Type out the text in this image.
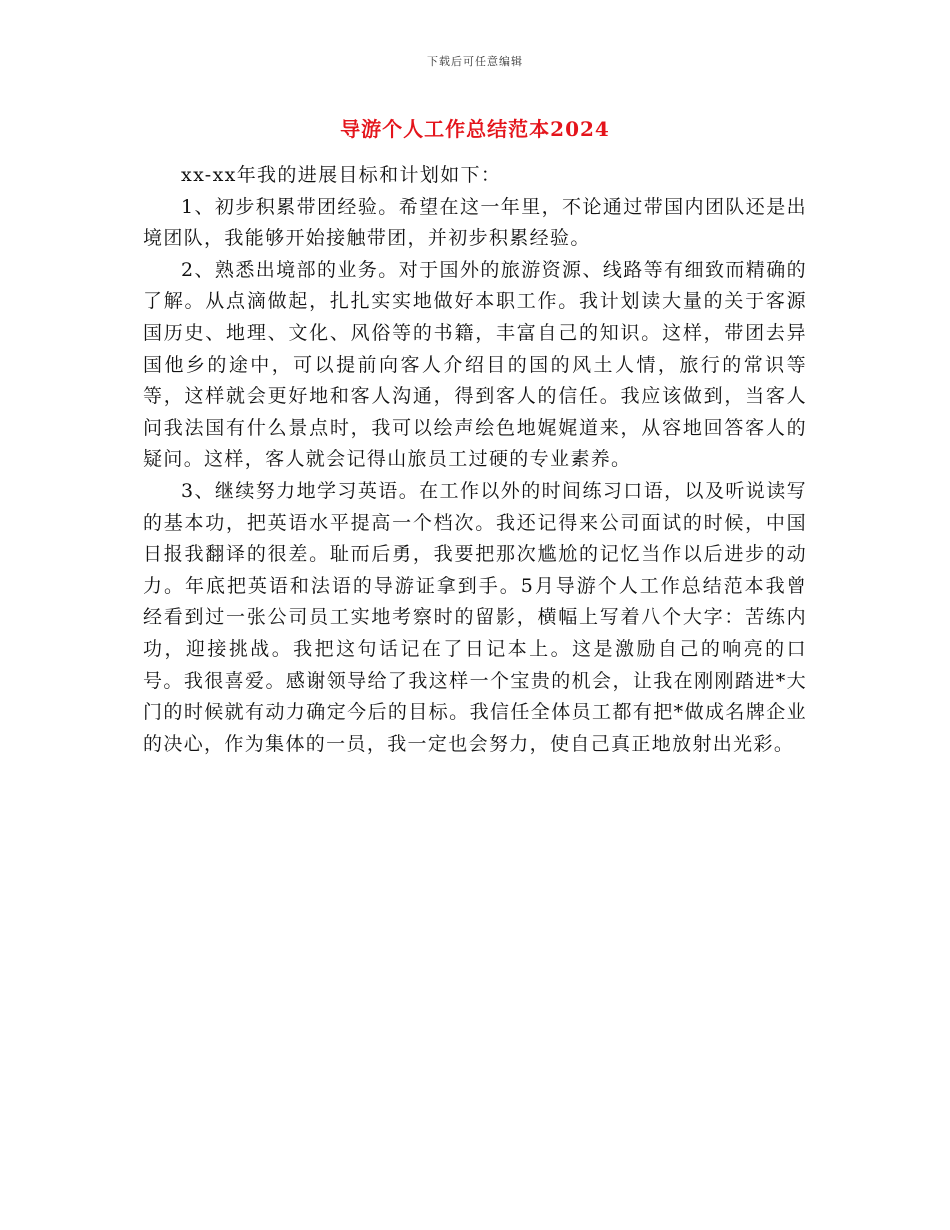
下载后可任意编辑
导游个人工作总结范本2024

xx-xx年我的进展目标和计划如下：

1、初步积累带团经验。希望在这一年里，不论通过带国内团队还是出境团队，我能够开始接触带团，并初步积累经验。

2、熟悉出境部的业务。对于国外的旅游资源、线路等有细致而精确的了解。从点滴做起，扎扎实实地做好本职工作。我计划读大量的关于客源国历史、地理、文化、风俗等的书籍，丰富自己的知识。这样，带团去异国他乡的途中，可以提前向客人介绍目的国的风土人情，旅行的常识等等，这样就会更好地和客人沟通，得到客人的信任。我应该做到，当客人问我法国有什么景点时，我可以绘声绘色地娓娓道来，从容地回答客人的疑问。这样，客人就会记得山旅员工过硬的专业素养。

3、继续努力地学习英语。在工作以外的时间练习口语，以及听说读写的基本功，把英语水平提高一个档次。我还记得来公司面试的时候，中国日报我翻译的很差。耻而后勇，我要把那次尴尬的记忆当作以后进步的动力。年底把英语和法语的导游证拿到手。5月导游个人工作总结范本我曾经看到过一张公司员工实地考察时的留影，横幅上写着八个大字：苦练内功，迎接挑战。我把这句话记在了日记本上。这是激励自己的响亮的口号。我很喜爱。感谢领导给了我这样一个宝贵的机会，让我在刚刚踏进*大门的时候就有动力确定今后的目标。我信任全体员工都有把*做成名牌企业的决心，作为集体的一员，我一定也会努力，使自己真正地放射出光彩。
